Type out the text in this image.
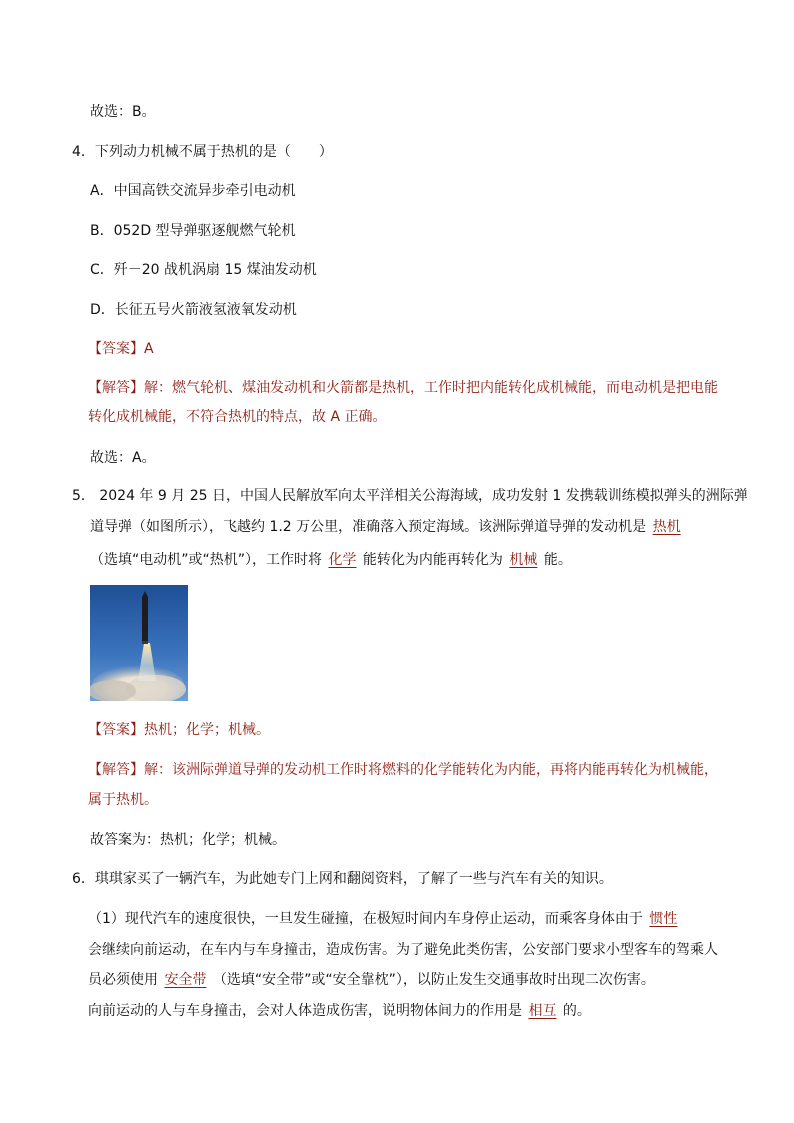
故选：B。
4．下列动力机械不属于热机的是（　　）
A．中国高铁交流异步牵引电动机
B．052D 型导弹驱逐舰燃气轮机
C．歼－20 战机涡扇 15 煤油发动机
D．长征五号火箭液氢液氧发动机
【答案】A
【解答】解：燃气轮机、煤油发动机和火箭都是热机，工作时把内能转化成机械能，而电动机是把电能
转化成机械能，不符合热机的特点，故 A 正确。
故选：A。
5． 2024 年 9 月 25 日，中国人民解放军向太平洋相关公海海域，成功发射 1 发携载训练模拟弹头的洲际弹
道导弹（如图所示），飞越约 1.2 万公里，准确落入预定海域。该洲际弹道导弹的发动机是 热机
（选填“电动机”或“热机”），工作时将 化学 能转化为内能再转化为 机械 能。
【答案】热机；化学；机械。
【解答】解：该洲际弹道导弹的发动机工作时将燃料的化学能转化为内能，再将内能再转化为机械能，
属于热机。
故答案为：热机；化学；机械。
6．琪琪家买了一辆汽车，为此她专门上网和翻阅资料，了解了一些与汽车有关的知识。
（1）现代汽车的速度很快，一旦发生碰撞，在极短时间内车身停止运动，而乘客身体由于 惯性
会继续向前运动，在车内与车身撞击，造成伤害。为了避免此类伤害，公安部门要求小型客车的驾乘人
员必须使用 安全带 （选填“安全带”或“安全靠枕”），以防止发生交通事故时出现二次伤害。
向前运动的人与车身撞击，会对人体造成伤害，说明物体间力的作用是 相互 的。
